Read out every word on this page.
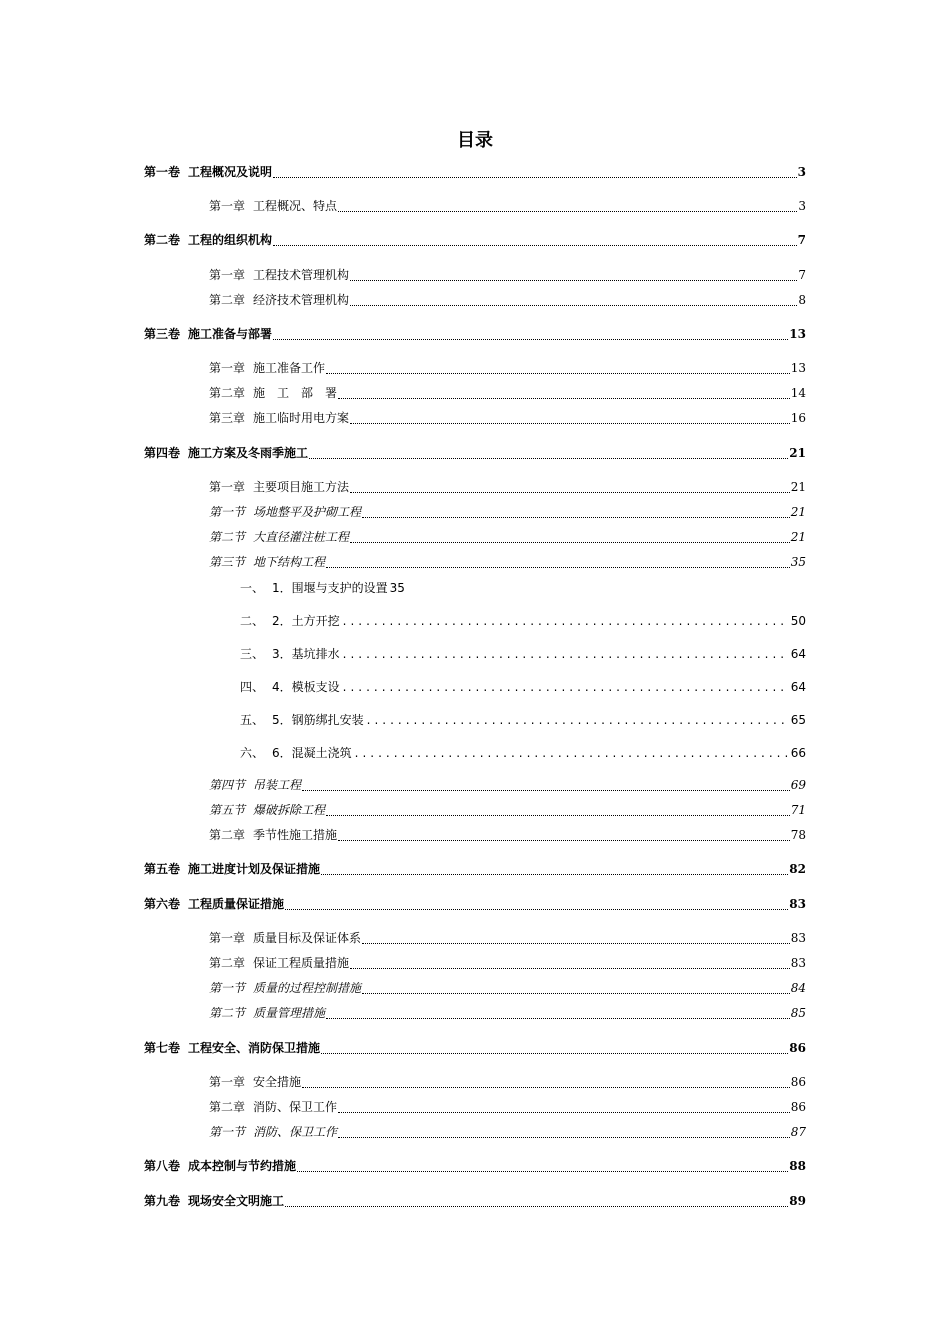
目录
第一卷 工程概况及说明	3
第一章 工程概况、特点	3
第二卷 工程的组织机构	7
第一章 工程技术管理机构	7
第二章 经济技术管理机构	8
第三卷 施工准备与部署	13
第一章 施工准备工作	13
第二章 施　工　部　署	14
第三章 施工临时用电方案	16
第四卷 施工方案及冬雨季施工	21
第一章 主要项目施工方法	21
第一节 场地整平及护砌工程	21
第二节 大直径灌注桩工程	21
第三节 地下结构工程	35
一、 1．围堰与支护的设置 35
二、 2．土方开挖 .....	50
三、 3．基坑排水 .....	64
四、 4．模板支设 .....	64
五、 5．钢筋绑扎安装 .....	65
六、 6．混凝土浇筑 .....	66
第四节 吊装工程	69
第五节 爆破拆除工程	71
第二章 季节性施工措施	78
第五卷 施工进度计划及保证措施	82
第六卷 工程质量保证措施	83
第一章 质量目标及保证体系	83
第二章 保证工程质量措施	83
第一节 质量的过程控制措施	84
第二节 质量管理措施	85
第七卷 工程安全、消防保卫措施	86
第一章 安全措施	86
第二章 消防、保卫工作	86
第一节 消防、保卫工作	87
第八卷 成本控制与节约措施	88
第九卷 现场安全文明施工	89
